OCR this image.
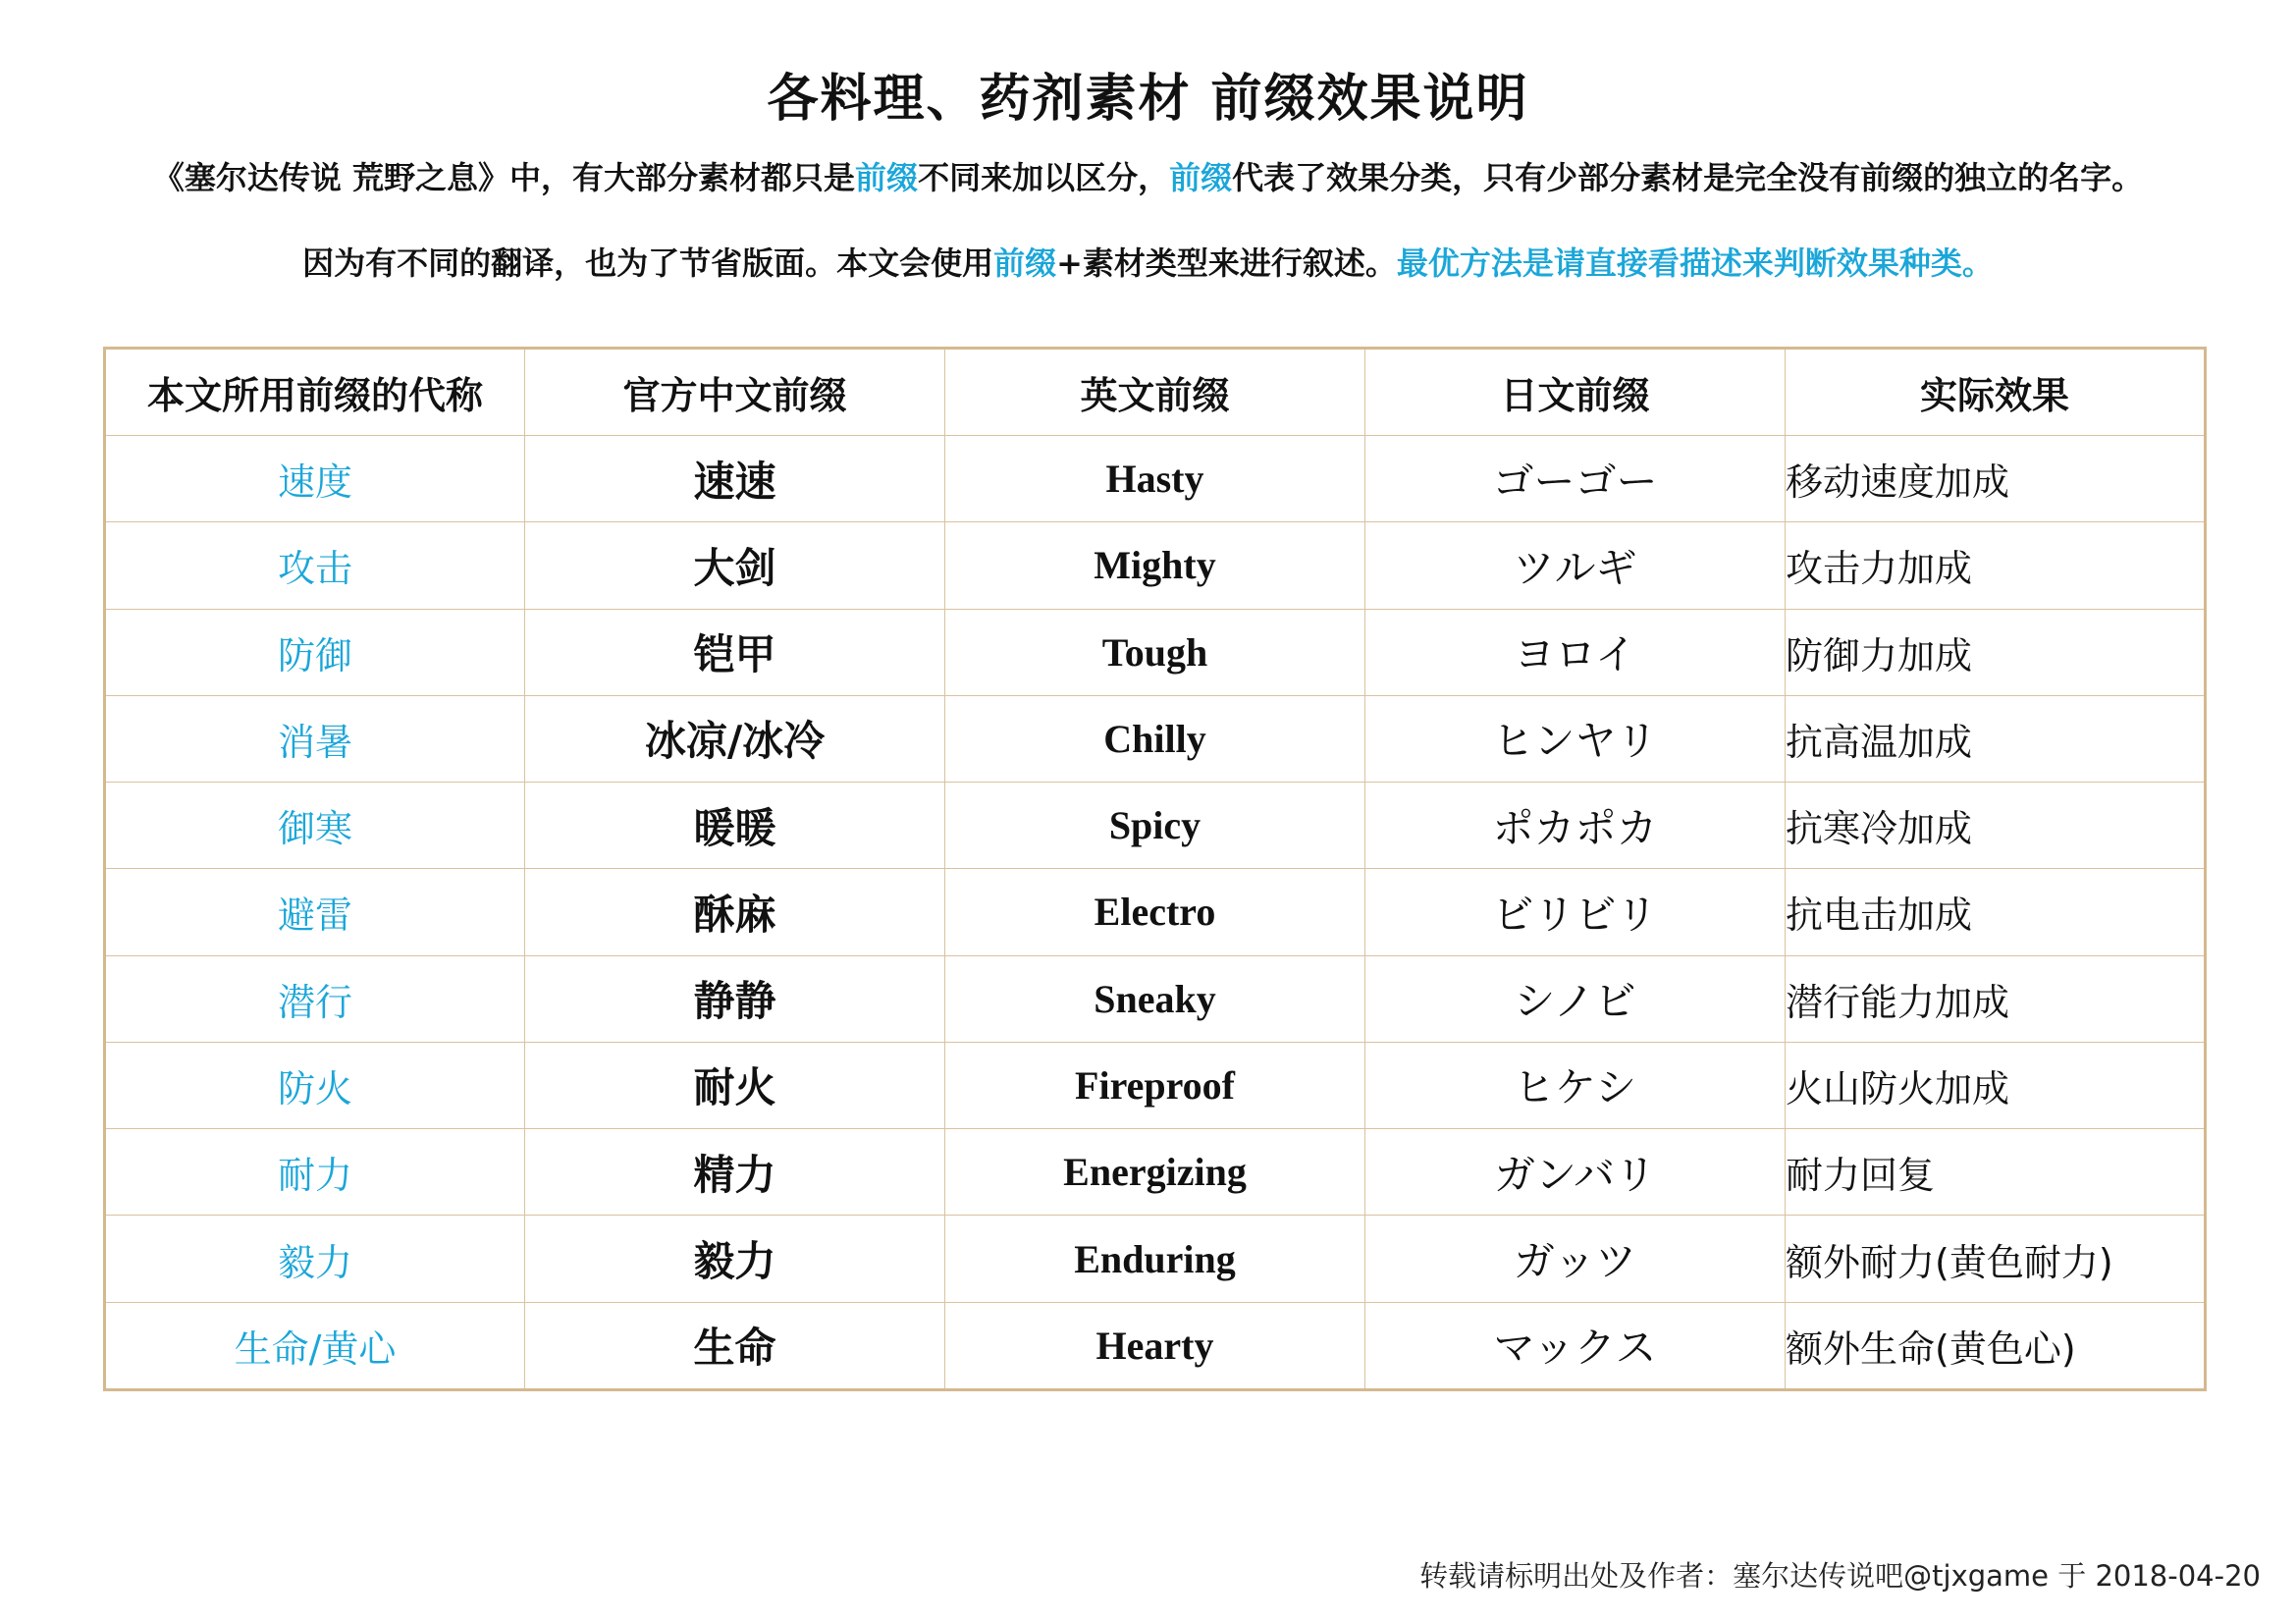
各料理、药剂素材 前缀效果说明
《塞尔达传说 荒野之息》中，有大部分素材都只是前缀不同来加以区分，前缀代表了效果分类，只有少部分素材是完全没有前缀的独立的名字。
因为有不同的翻译，也为了节省版面。本文会使用前缀+素材类型来进行叙述。最优方法是请直接看描述来判断效果种类。
本文所用前缀的代称	官方中文前缀	英文前缀	日文前缀	实际效果
速度	速速	Hasty	ゴーゴー	移动速度加成
攻击	大剑	Mighty	ツルギ	攻击力加成
防御	铠甲	Tough	ヨロイ	防御力加成
消暑	冰凉/冰冷	Chilly	ヒンヤリ	抗高温加成
御寒	暖暖	Spicy	ポカポカ	抗寒冷加成
避雷	酥麻	Electro	ビリビリ	抗电击加成
潜行	静静	Sneaky	シノビ	潜行能力加成
防火	耐火	Fireproof	ヒケシ	火山防火加成
耐力	精力	Energizing	ガンバリ	耐力回复
毅力	毅力	Enduring	ガッツ	额外耐力(黄色耐力)
生命/黄心	生命	Hearty	マックス	额外生命(黄色心)
转载请标明出处及作者：塞尔达传说吧@tjxgame 于 2018-04-20
